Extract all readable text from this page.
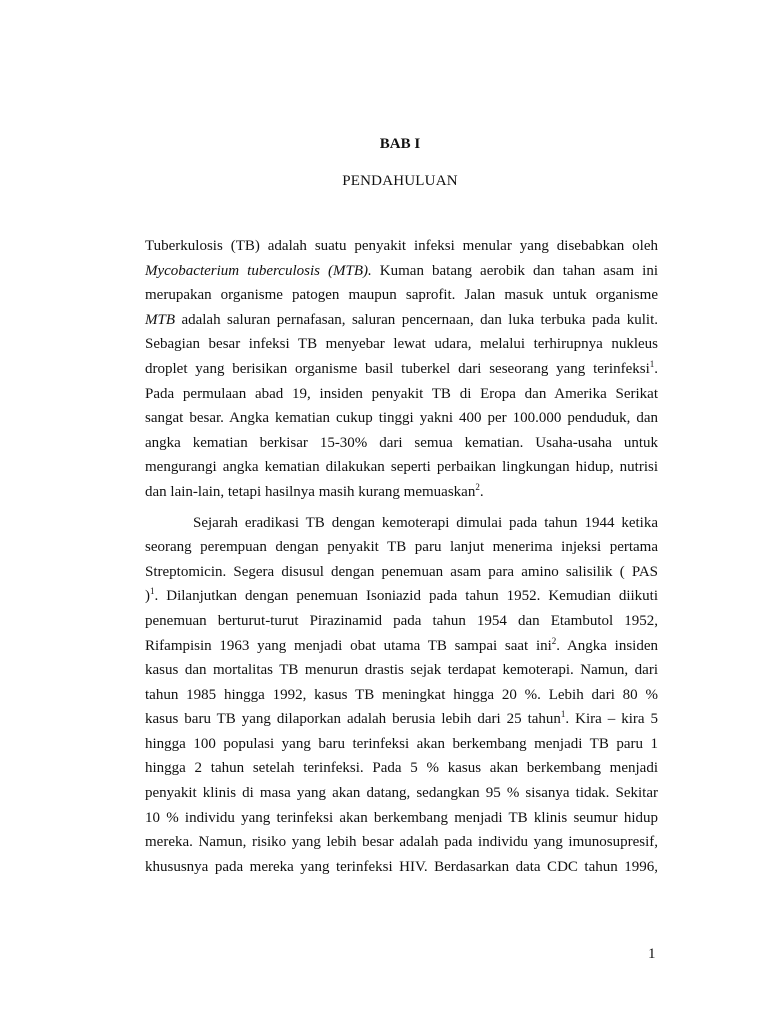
BAB I
PENDAHULUAN
Tuberkulosis (TB) adalah suatu penyakit infeksi menular yang disebabkan oleh
Mycobacterium tuberculosis (MTB). Kuman batang aerobik dan tahan asam ini
merupakan organisme patogen maupun saprofit. Jalan masuk untuk organisme
MTB adalah saluran pernafasan, saluran pencernaan, dan luka terbuka pada kulit.
Sebagian besar infeksi TB menyebar lewat udara, melalui terhirupnya nukleus
droplet yang berisikan organisme basil tuberkel dari seseorang yang terinfeksi$^1$.
Pada permulaan abad 19, insiden penyakit TB di Eropa dan Amerika Serikat
sangat besar. Angka kematian cukup tinggi yakni 400 per 100.000 penduduk, dan
angka kematian berkisar 15-30% dari semua kematian. Usaha-usaha untuk
mengurangi angka kematian dilakukan seperti perbaikan lingkungan hidup, nutrisi
dan lain-lain, tetapi hasilnya masih kurang memuaskan$^2$.
Sejarah eradikasi TB dengan kemoterapi dimulai pada tahun 1944 ketika
seorang perempuan dengan penyakit TB paru lanjut menerima injeksi pertama
Streptomicin. Segera disusul dengan penemuan asam para amino salisilik ( PAS
)$^1$. Dilanjutkan dengan penemuan Isoniazid pada tahun 1952. Kemudian diikuti
penemuan berturut-turut Pirazinamid pada tahun 1954 dan Etambutol 1952,
Rifampisin 1963 yang menjadi obat utama TB sampai saat ini$^2$. Angka insiden
kasus dan mortalitas TB menurun drastis sejak terdapat kemoterapi. Namun, dari
tahun 1985 hingga 1992, kasus TB meningkat hingga 20 %. Lebih dari 80 %
kasus baru TB yang dilaporkan adalah berusia lebih dari 25 tahun$^1$. Kira – kira 5
hingga 100 populasi yang baru terinfeksi akan berkembang menjadi TB paru 1
hingga 2 tahun setelah terinfeksi. Pada 5 % kasus akan berkembang menjadi
penyakit klinis di masa yang akan datang, sedangkan 95 % sisanya tidak. Sekitar
10 % individu yang terinfeksi akan berkembang menjadi TB klinis seumur hidup
mereka. Namun, risiko yang lebih besar adalah pada individu yang imunosupresif,
khususnya pada mereka yang terinfeksi HIV. Berdasarkan data CDC tahun 1996,
1
